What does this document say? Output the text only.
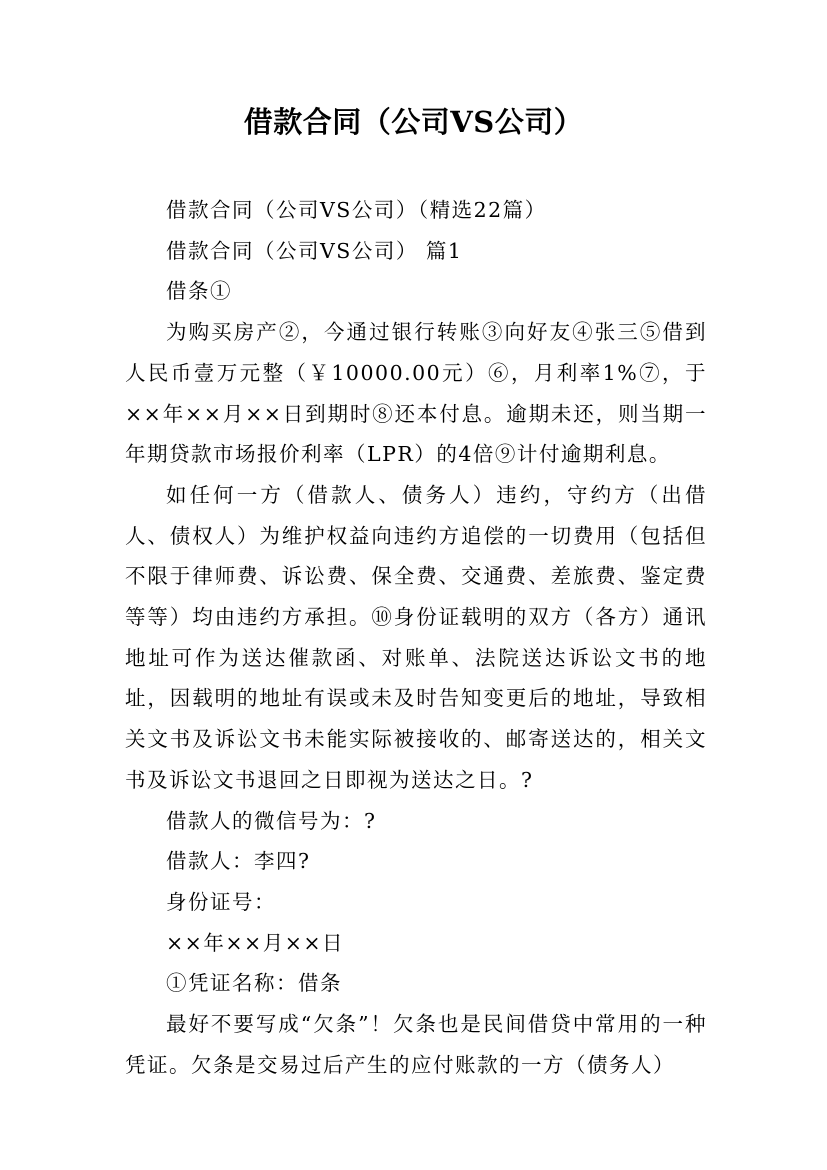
借款合同（公司VS公司）

借款合同（公司VS公司）（精选22篇）

借款合同（公司VS公司） 篇1

借条①

为购买房产②，今通过银行转账③向好友④张三⑤借到人民币壹万元整（￥10000.00元）⑥，月利率1%⑦，于××年××月××日到期时⑧还本付息。逾期未还，则当期一年期贷款市场报价利率（LPR）的4倍⑨计付逾期利息。

如任何一方（借款人、债务人）违约，守约方（出借人、债权人）为维护权益向违约方追偿的一切费用（包括但不限于律师费、诉讼费、保全费、交通费、差旅费、鉴定费等等）均由违约方承担。⑩身份证载明的双方（各方）通讯地址可作为送达催款函、对账单、法院送达诉讼文书的地址，因载明的地址有误或未及时告知变更后的地址，导致相关文书及诉讼文书未能实际被接收的、邮寄送达的，相关文书及诉讼文书退回之日即视为送达之日。?

借款人的微信号为：?

借款人：李四?

身份证号：

××年××月××日

①凭证名称：借条

最好不要写成“欠条”！欠条也是民间借贷中常用的一种凭证。欠条是交易过后产生的应付账款的一方（债务人）
